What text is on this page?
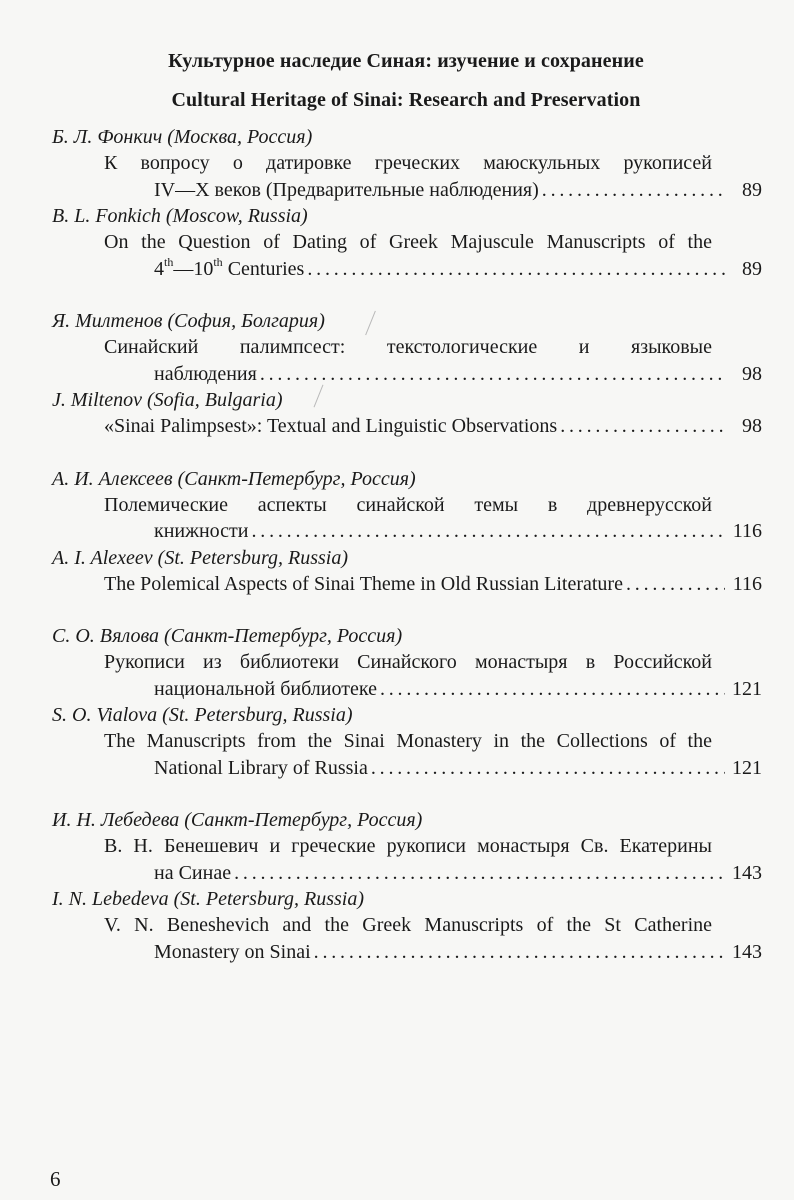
Культурное наследие Синая: изучение и сохранение
Cultural Heritage of Sinai: Research and Preservation
Б. Л. Фонкич (Москва, Россия)
К вопросу о датировке греческих маюскульных рукописей
IV—X веков (Предварительные наблюдения) . . .	89
B. L. Fonkich (Moscow, Russia)
On the Question of Dating of Greek Majuscule Manuscripts of the
4th—10th Centuries . . .	89
Я. Милтенов (София, Болгария)
Синайский палимпсест: текстологические и языковые
наблюдения . . .	98
J. Miltenov (Sofia, Bulgaria)
«Sinai Palimpsest»: Textual and Linguistic Observations . . .	98
А. И. Алексеев (Санкт-Петербург, Россия)
Полемические аспекты синайской темы в древнерусской
книжности . . .	116
A. I. Alexeev (St. Petersburg, Russia)
The Polemical Aspects of Sinai Theme in Old Russian Literature . . .	116
С. О. Вялова (Санкт-Петербург, Россия)
Рукописи из библиотеки Синайского монастыря в Российской
национальной библиотеке . . .	121
S. O. Vialova (St. Petersburg, Russia)
The Manuscripts from the Sinai Monastery in the Collections of the
National Library of Russia . . .	121
И. Н. Лебедева (Санкт-Петербург, Россия)
В. Н. Бенешевич и греческие рукописи монастыря Св. Екатерины
на Синае . . .	143
I. N. Lebedeva (St. Petersburg, Russia)
V. N. Beneshevich and the Greek Manuscripts of the St Catherine
Monastery on Sinai . . .	143
6
